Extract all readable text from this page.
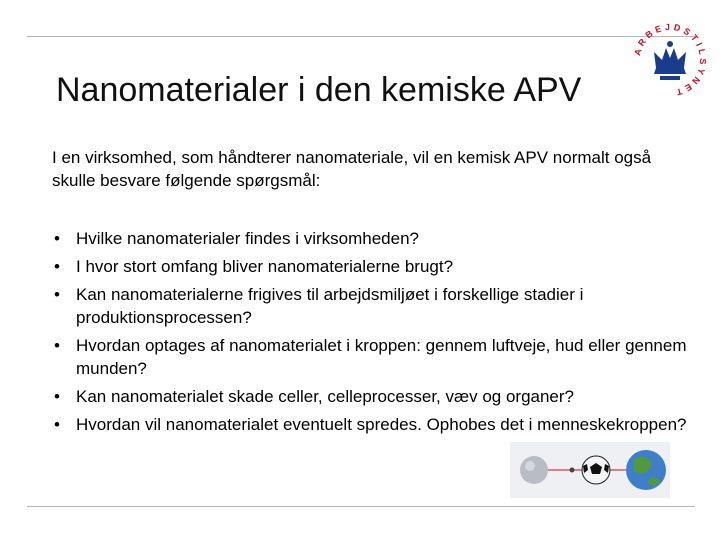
Nanomaterialer i den kemiske APV
ARBEJDSTILSYNET
I en virksomhed, som håndterer nanomateriale, vil en kemisk APV normalt også skulle besvare følgende spørgsmål:
• Hvilke nanomaterialer findes i virksomheden?
• I hvor stort omfang bliver nanomaterialerne brugt?
• Kan nanomaterialerne frigives til arbejdsmiljøet i forskellige stadier i produktionsprocessen?
• Hvordan optages af nanomaterialet i kroppen: gennem luftveje, hud eller gennem munden?
• Kan nanomaterialet skade celler, celleprocesser, væv og organer?
• Hvordan vil nanomaterialet eventuelt spredes. Ophobes det i menneskekroppen?
